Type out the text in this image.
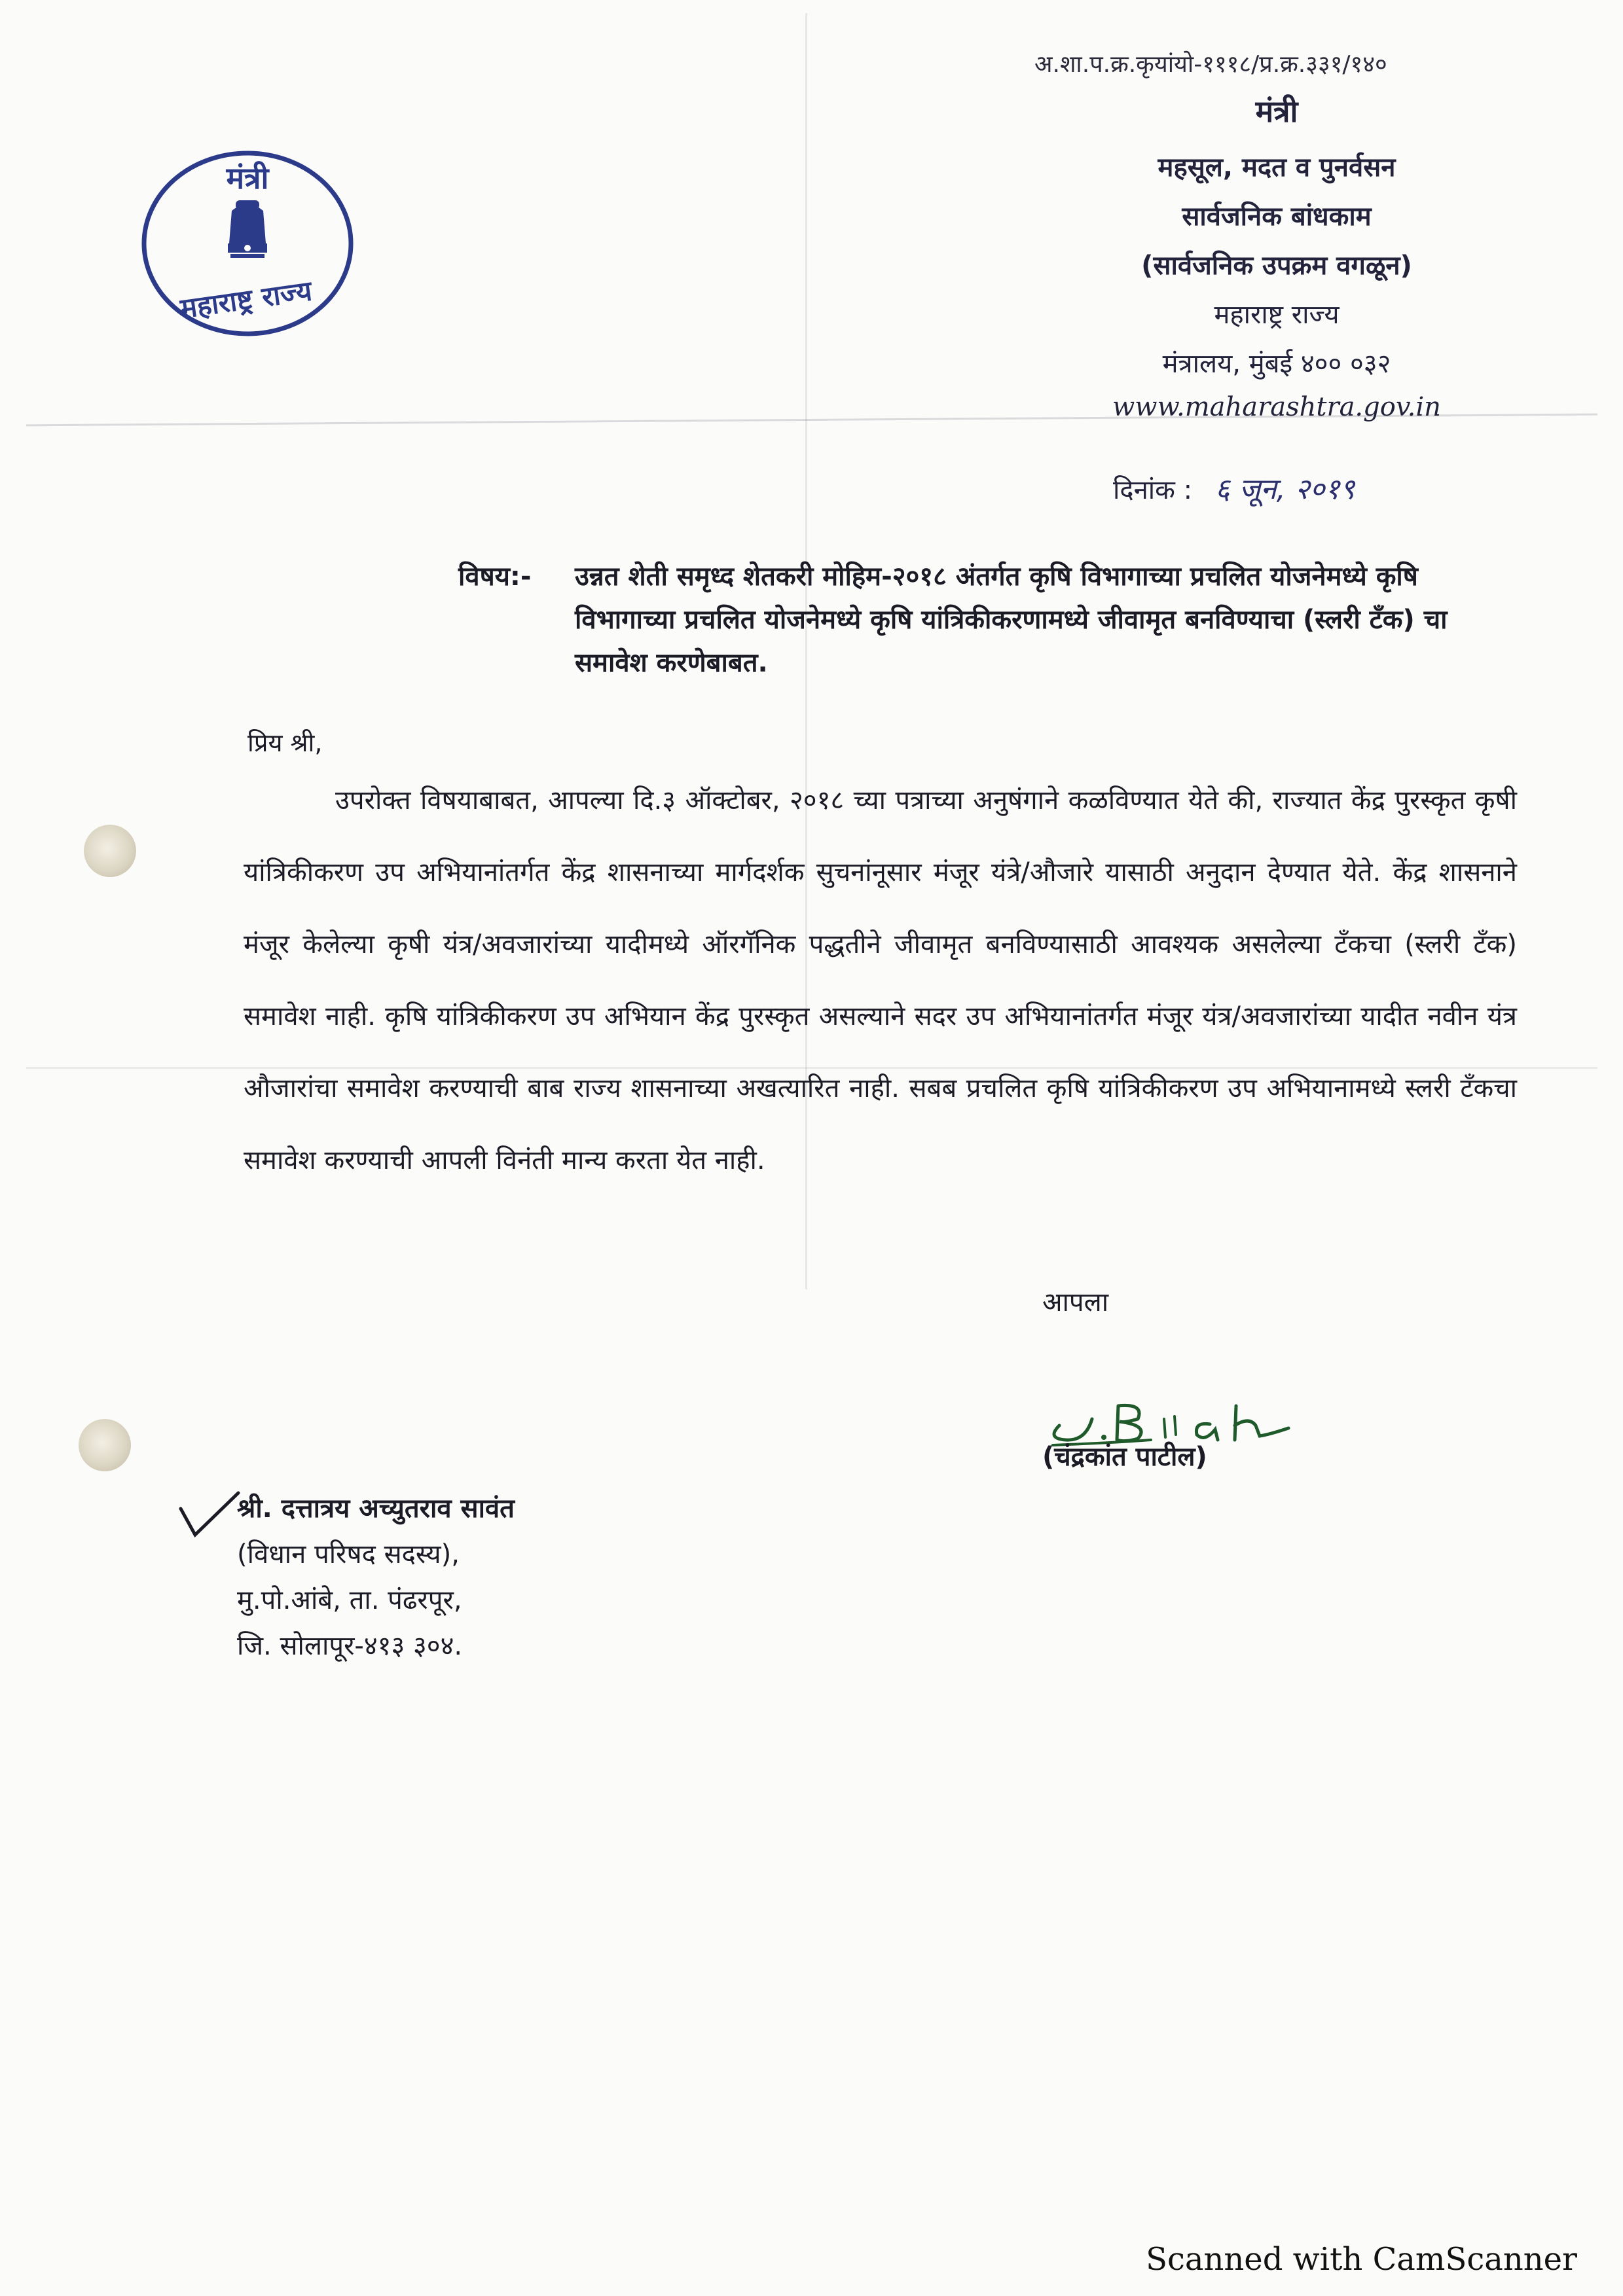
मंत्री
महाराष्ट्र राज्य
अ.शा.प.क्र.कृयांयो-१११८/प्र.क्र.३३१/१४०
मंत्री
महसूल, मदत व पुनर्वसन
सार्वजनिक बांधकाम
(सार्वजनिक उपक्रम वगळून)
महाराष्ट्र राज्य
मंत्रालय, मुंबई ४०० ०३२
www.maharashtra.gov.in
दिनांक : ६ जून, २०१९
विषय:- उन्नत शेती समृध्द शेतकरी मोहिम-२०१८ अंतर्गत कृषि विभागाच्या प्रचलित योजनेमध्ये कृषि विभागाच्या प्रचलित योजनेमध्ये कृषि यांत्रिकीकरणामध्ये जीवामृत बनविण्याचा (स्लरी टँक) चा समावेश करणेबाबत.
प्रिय श्री,
उपरोक्त विषयाबाबत, आपल्या दि.३ ऑक्टोबर, २०१८ च्या पत्राच्या अनुषंगाने कळविण्यात येते की, राज्यात केंद्र पुरस्कृत कृषी यांत्रिकीकरण उप अभियानांतर्गत केंद्र शासनाच्या मार्गदर्शक सुचनांनूसार मंजूर यंत्रे/औजारे यासाठी अनुदान देण्यात येते. केंद्र शासनाने मंजूर केलेल्या कृषी यंत्र/अवजारांच्या यादीमध्ये ऑरगॅनिक पद्धतीने जीवामृत बनविण्यासाठी आवश्यक असलेल्या टँकचा (स्लरी टँक) समावेश नाही. कृषि यांत्रिकीकरण उप अभियान केंद्र पुरस्कृत असल्याने सदर उप अभियानांतर्गत मंजूर यंत्र/अवजारांच्या यादीत नवीन यंत्र औजारांचा समावेश करण्याची बाब राज्य शासनाच्या अखत्यारित नाही. सबब प्रचलित कृषि यांत्रिकीकरण उप अभियानामध्ये स्लरी टँकचा समावेश करण्याची आपली विनंती मान्य करता येत नाही.
आपला
(चंद्रकांत पाटील)
श्री. दत्तात्रय अच्युतराव सावंत
(विधान परिषद सदस्य),
मु.पो.आंबे, ता. पंढरपूर,
जि. सोलापूर-४१३ ३०४.
Scanned with CamScanner
